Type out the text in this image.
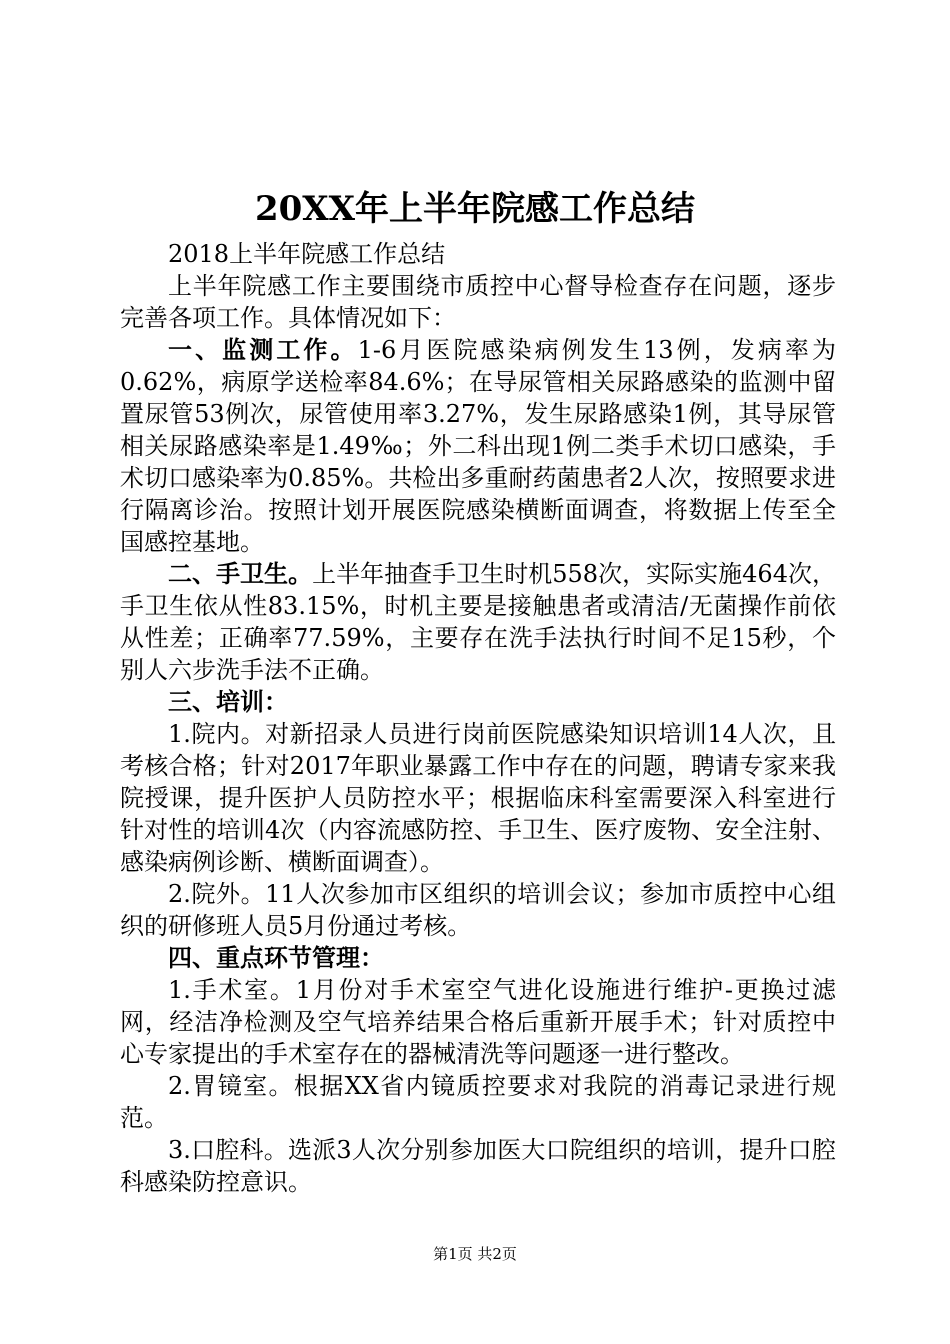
20XX年上半年院感工作总结

2018上半年院感工作总结

上半年院感工作主要围绕市质控中心督导检查存在问题，逐步完善各项工作。具体情况如下：

一、监测工作。1-6月医院感染病例发生13例，发病率为0.62%，病原学送检率84.6%；在导尿管相关尿路感染的监测中留置尿管53例次，尿管使用率3.27%，发生尿路感染1例，其导尿管相关尿路感染率是1.49‰；外二科出现1例二类手术切口感染，手术切口感染率为0.85%。共检出多重耐药菌患者2人次，按照要求进行隔离诊治。按照计划开展医院感染横断面调查，将数据上传至全国感控基地。

二、手卫生。上半年抽查手卫生时机558次，实际实施464次，手卫生依从性83.15%，时机主要是接触患者或清洁/无菌操作前依从性差；正确率77.59%，主要存在洗手法执行时间不足15秒，个别人六步洗手法不正确。

三、培训：

1.院内。对新招录人员进行岗前医院感染知识培训14人次，且考核合格；针对2017年职业暴露工作中存在的问题，聘请专家来我院授课，提升医护人员防控水平；根据临床科室需要深入科室进行针对性的培训4次（内容流感防控、手卫生、医疗废物、安全注射、感染病例诊断、横断面调查）。

2.院外。11人次参加市区组织的培训会议；参加市质控中心组织的研修班人员5月份通过考核。

四、重点环节管理：

1.手术室。1月份对手术室空气进化设施进行维护-更换过滤网，经洁净检测及空气培养结果合格后重新开展手术；针对质控中心专家提出的手术室存在的器械清洗等问题逐一进行整改。

2.胃镜室。根据XX省内镜质控要求对我院的消毒记录进行规范。

3.口腔科。选派3人次分别参加医大口院组织的培训，提升口腔科感染防控意识。

第1页 共2页
